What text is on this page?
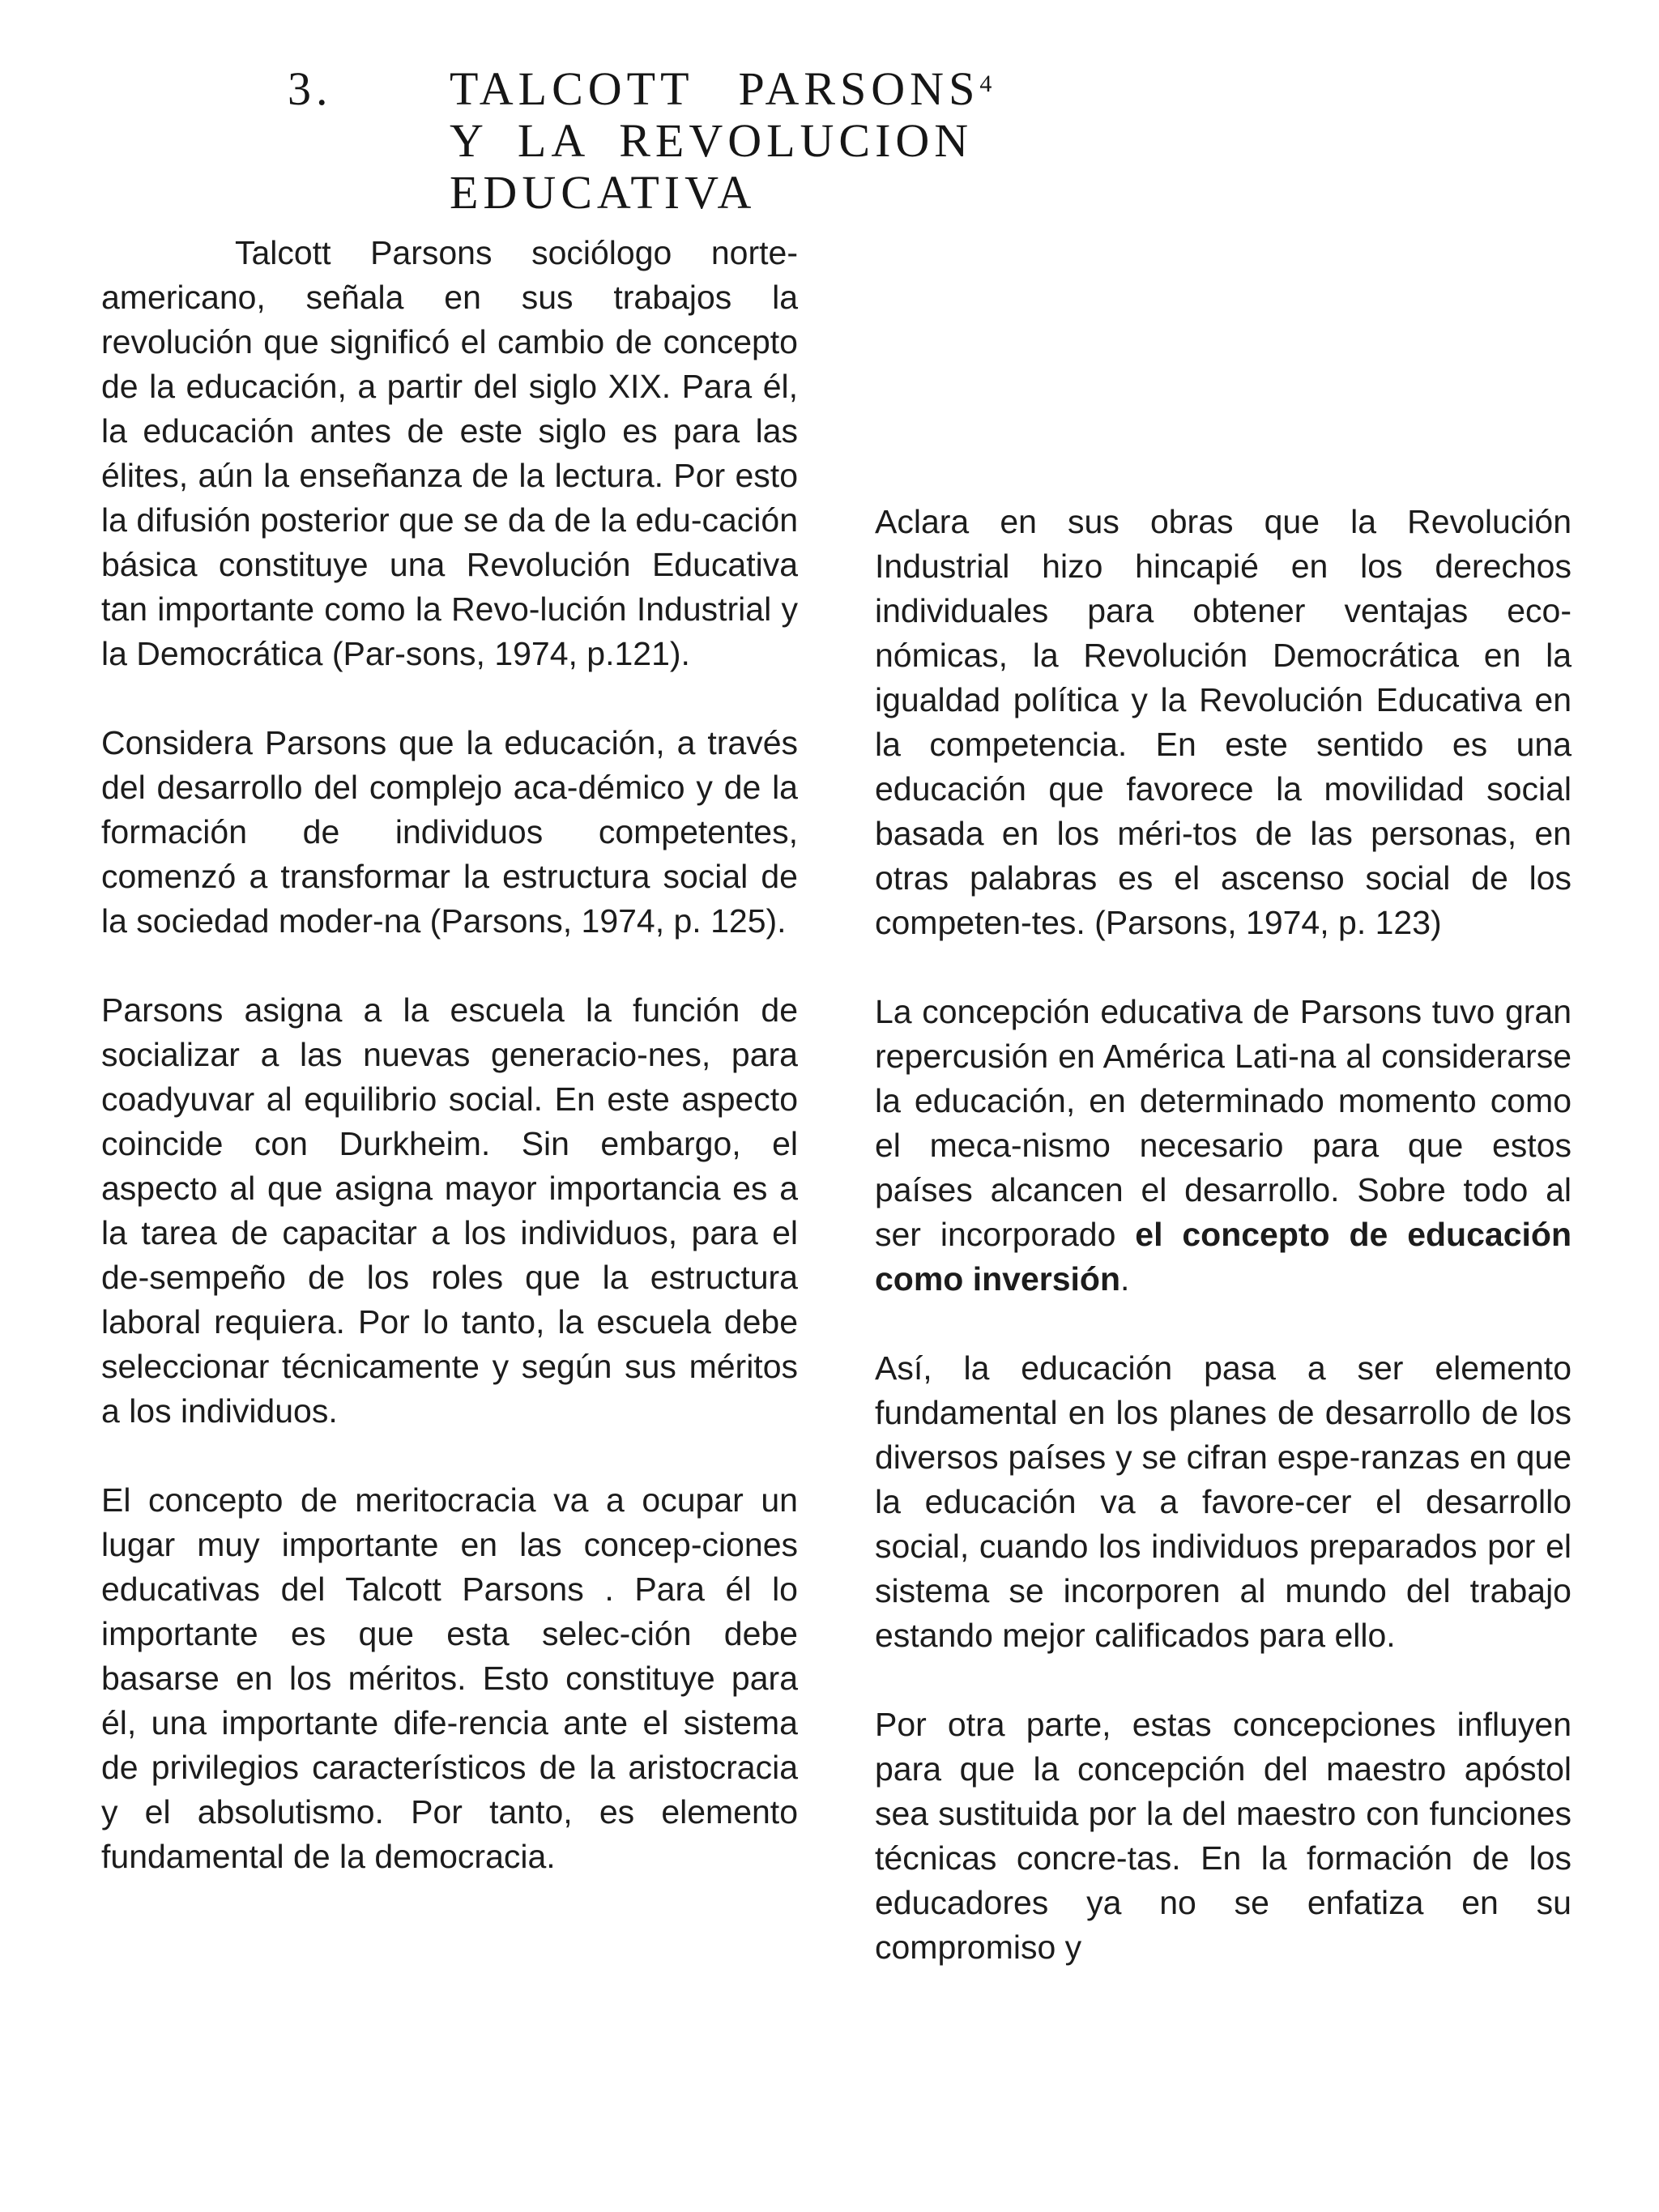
3. TALCOTT PARSONS$^4$
Y LA REVOLUCION
EDUCATIVA

Talcott Parsons sociólogo norte-americano, señala en sus trabajos la revolución que significó el cambio de concepto de la educación, a partir del siglo XIX. Para él, la educación antes de este siglo es para las élites, aún la enseñanza de la lectura. Por esto la difusión posterior que se da de la edu-cación básica constituye una Revolución Educativa tan importante como la Revo-lución Industrial y la Democrática (Par-sons, 1974, p.121).

Considera Parsons que la educación, a través del desarrollo del complejo aca-démico y de la formación de individuos competentes, comenzó a transformar la estructura social de la sociedad moder-na (Parsons, 1974, p. 125).

Parsons asigna a la escuela la función de socializar a las nuevas generacio-nes, para coadyuvar al equilibrio social. En este aspecto coincide con Durkheim. Sin embargo, el aspecto al que asigna mayor importancia es a la tarea de capacitar a los individuos, para el de-sempeño de los roles que la estructura laboral requiera. Por lo tanto, la escuela debe seleccionar técnicamente y según sus méritos a los individuos.

El concepto de meritocracia va a ocupar un lugar muy importante en las concep-ciones educativas del Talcott Parsons . Para él lo importante es que esta selec-ción debe basarse en los méritos. Esto constituye para él, una importante dife-rencia ante el sistema de privilegios característicos de la aristocracia y el absolutismo. Por tanto, es elemento fundamental de la democracia.

Aclara en sus obras que la Revolución Industrial hizo hincapié en los derechos individuales para obtener ventajas eco-nómicas, la Revolución Democrática en la igualdad política y la Revolución Educativa en la competencia. En este sentido es una educación que favorece la movilidad social basada en los méri-tos de las personas, en otras palabras es el ascenso social de los competen-tes. (Parsons, 1974, p. 123)

La concepción educativa de Parsons tuvo gran repercusión en América Lati-na al considerarse la educación, en determinado momento como el meca-nismo necesario para que estos países alcancen el desarrollo. Sobre todo al ser incorporado el concepto de educación como inversión.

Así, la educación pasa a ser elemento fundamental en los planes de desarrollo de los diversos países y se cifran espe-ranzas en que la educación va a favore-cer el desarrollo social, cuando los individuos preparados por el sistema se incorporen al mundo del trabajo estando mejor calificados para ello.

Por otra parte, estas concepciones influyen para que la concepción del maestro apóstol sea sustituida por la del maestro con funciones técnicas concre-tas. En la formación de los educadores ya no se enfatiza en su compromiso y
